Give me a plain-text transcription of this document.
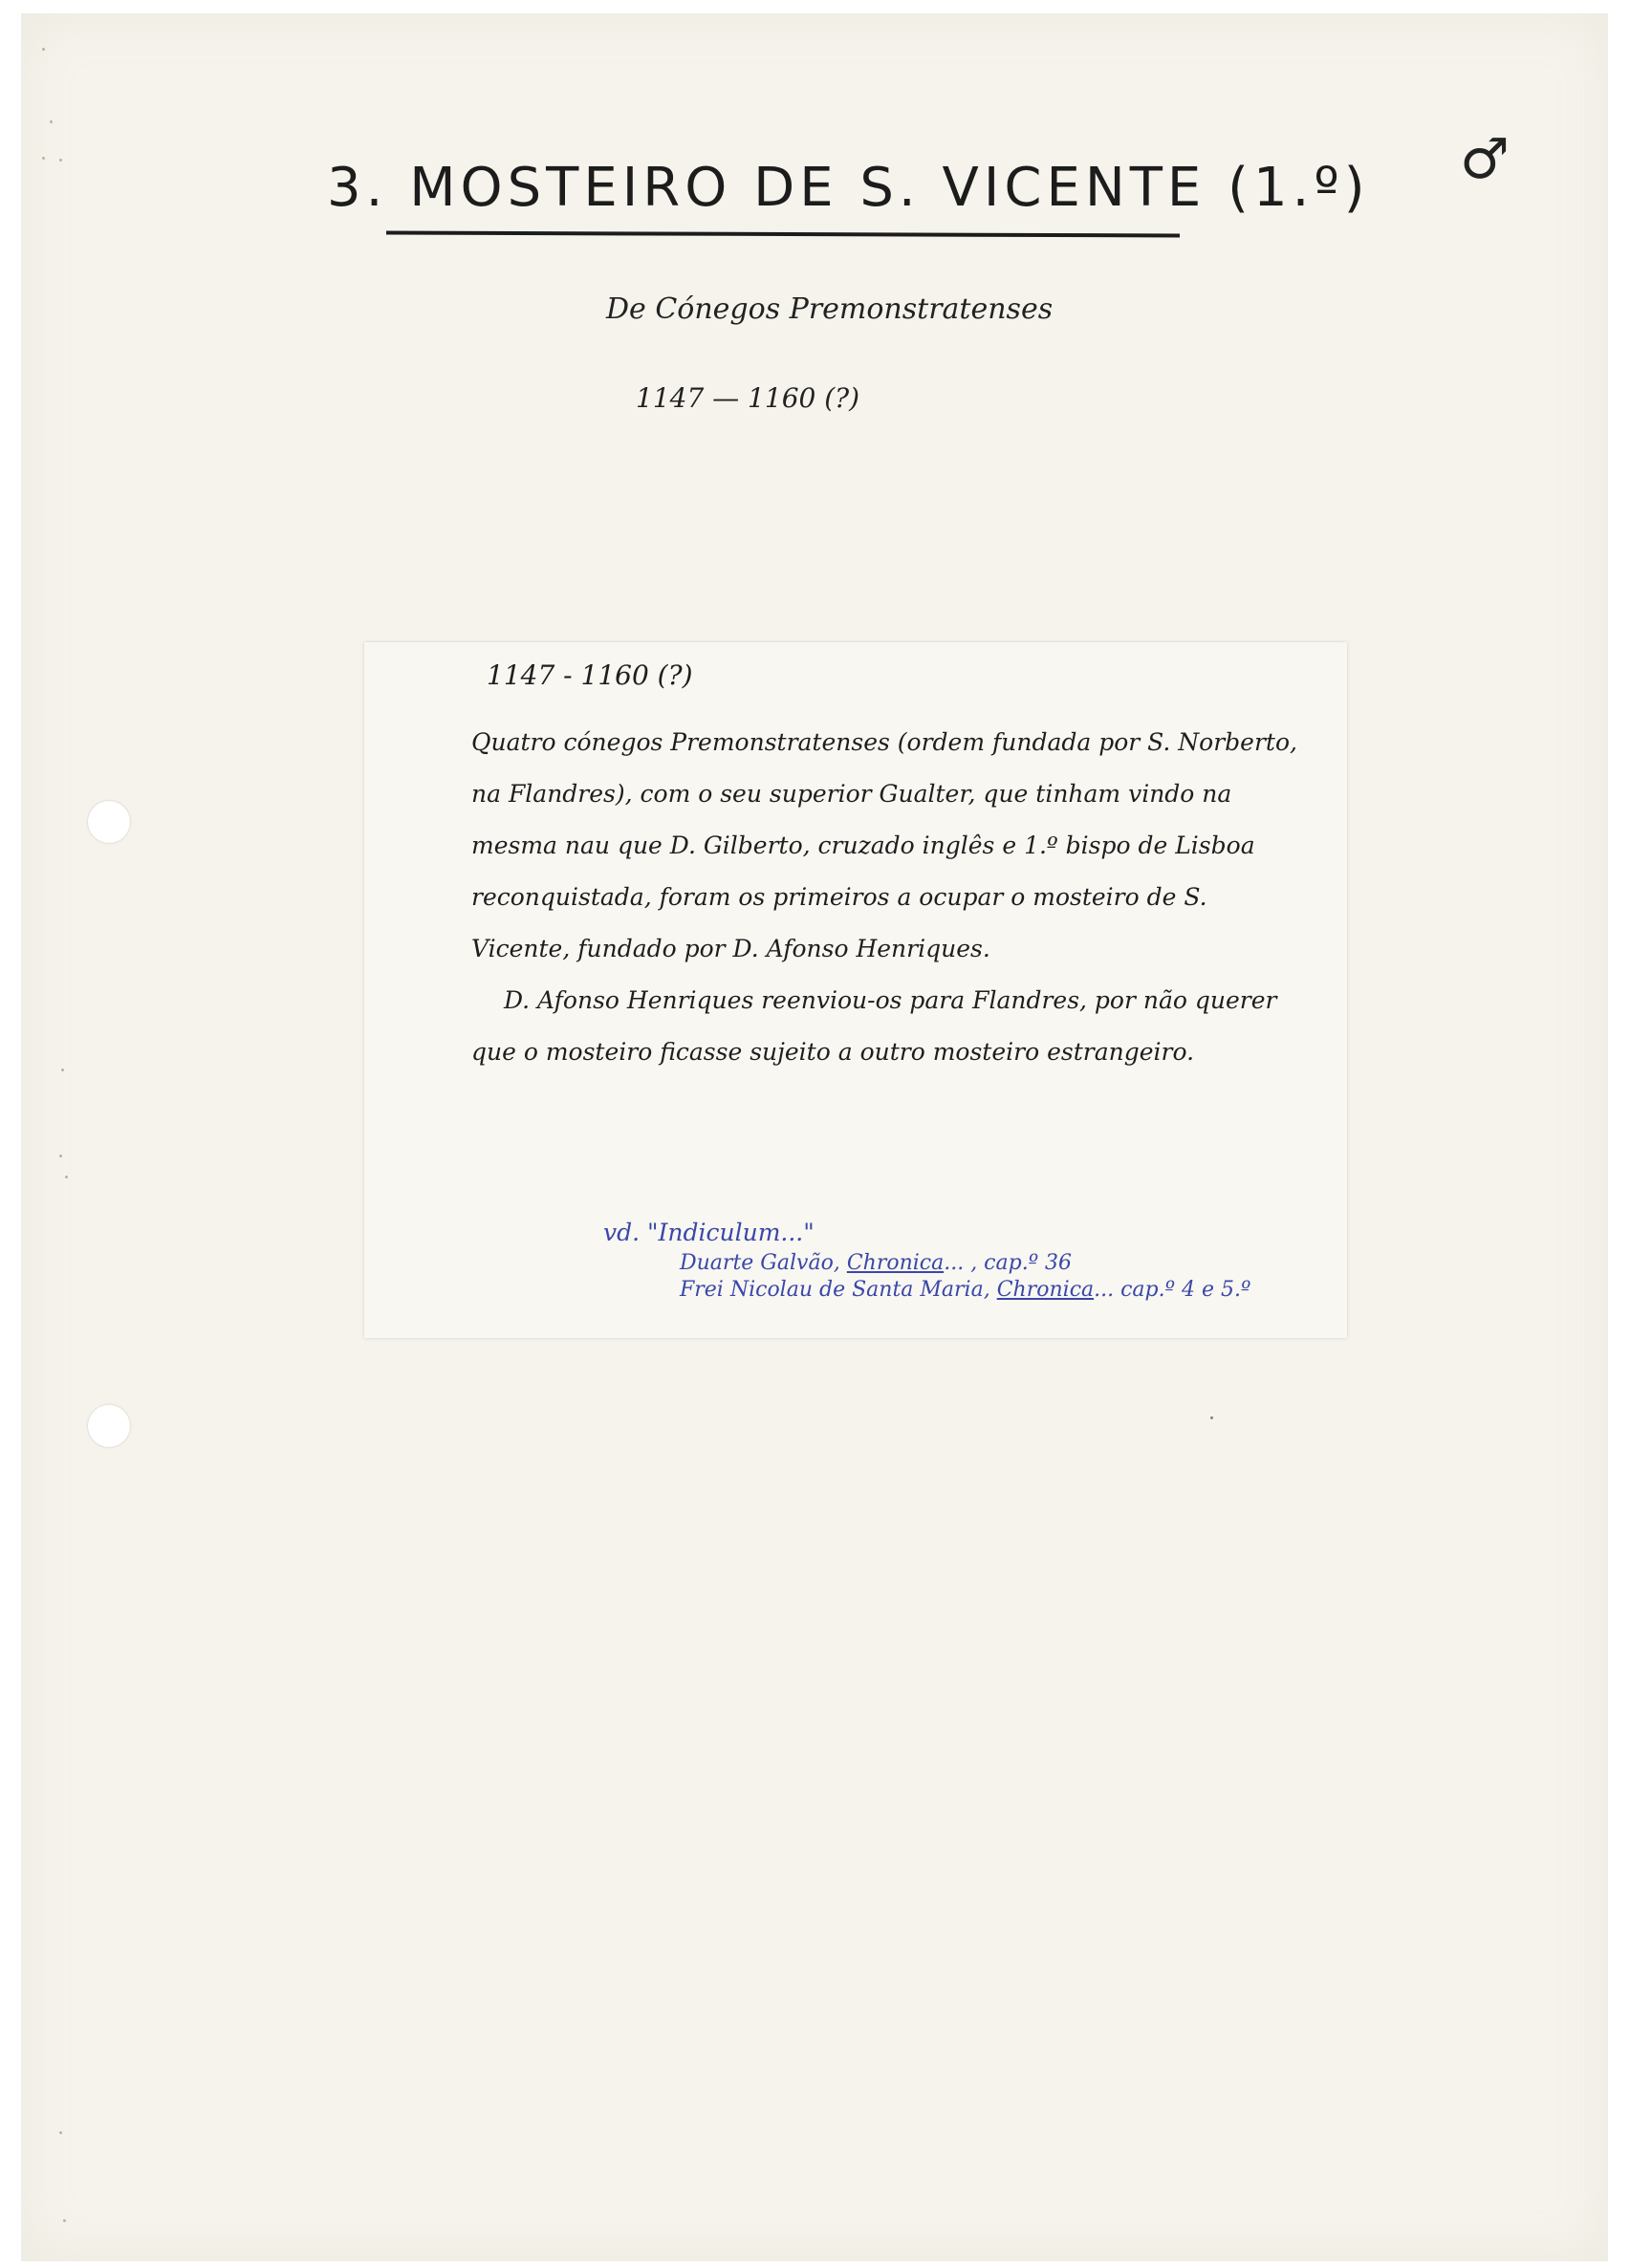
3. MOSTEIRO DE S. VICENTE (1.º) ♂
De Cónegos Premonstratenses
1147 — 1160 (?)
1147 - 1160 (?)

Quatro cónegos Premonstratenses (ordem fundada por S. Norberto, na Flandres), com o seu superior Gualter, que tinham vindo na mesma nau que D. Gilberto, cruzado inglês e 1.º bispo de Lisboa reconquistada, foram os primeiros a ocupar o mosteiro de S. Vicente, fundado por D. Afonso Henriques.

D. Afonso Henriques reenviou-os para Flandres, por não querer que o mosteiro ficasse sujeito a outro mosteiro estrangeiro.

vd. "Indiculum..."
Duarte Galvão, Chronica... , cap.º 36
Frei Nicolau de Santa Maria, Chronica... cap.º 4 e 5.º
